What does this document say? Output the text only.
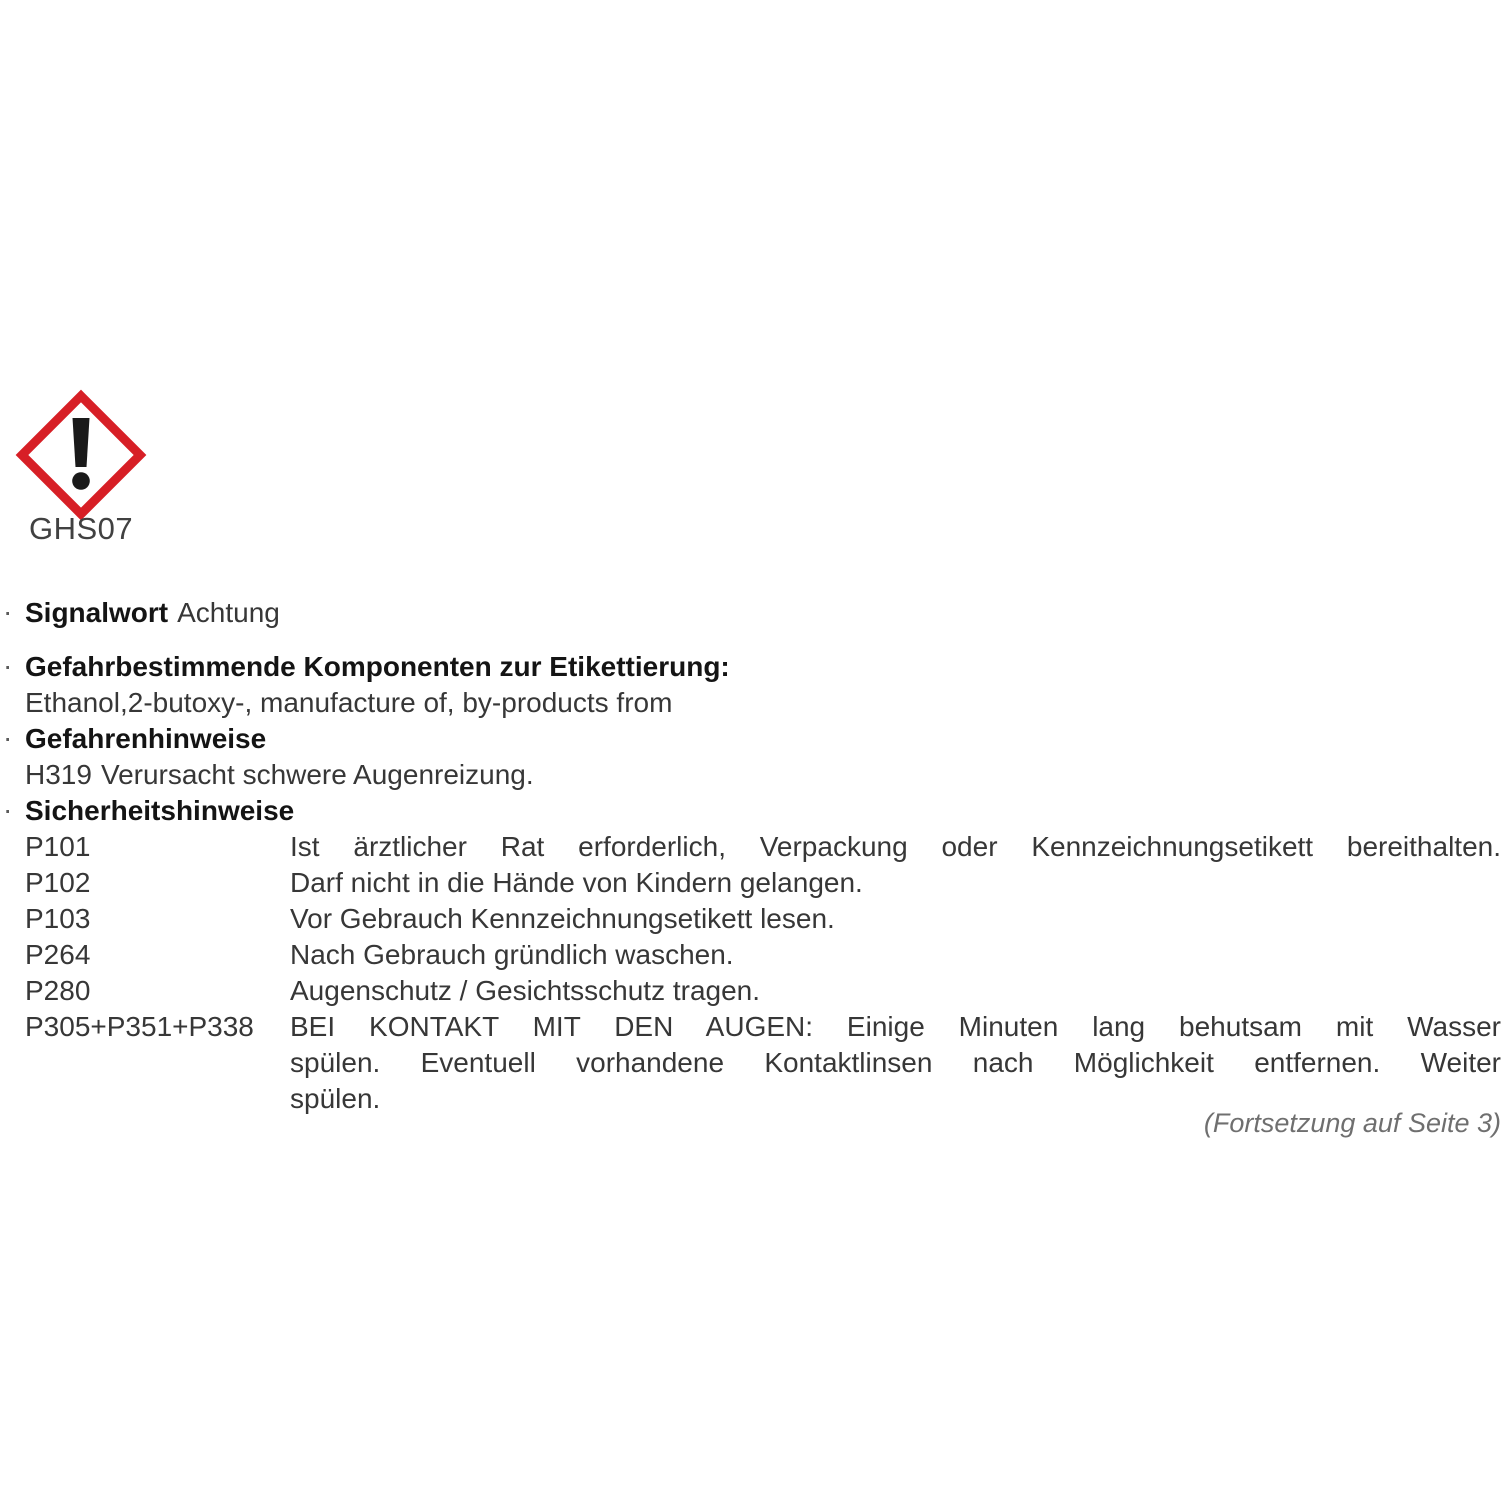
GHS07
· Signalwort Achtung
· Gefahrbestimmende Komponenten zur Etikettierung:
Ethanol,2-butoxy-, manufacture of, by-products from
· Gefahrenhinweise
H319 Verursacht schwere Augenreizung.
· Sicherheitshinweise
P101	Ist ärztlicher Rat erforderlich, Verpackung oder Kennzeichnungsetikett bereithalten.
P102	Darf nicht in die Hände von Kindern gelangen.
P103	Vor Gebrauch Kennzeichnungsetikett lesen.
P264	Nach Gebrauch gründlich waschen.
P280	Augenschutz / Gesichtsschutz tragen.
P305+P351+P338	BEI KONTAKT MIT DEN AUGEN: Einige Minuten lang behutsam mit Wasser
spülen. Eventuell vorhandene Kontaktlinsen nach Möglichkeit entfernen. Weiter
spülen.
(Fortsetzung auf Seite 3)
